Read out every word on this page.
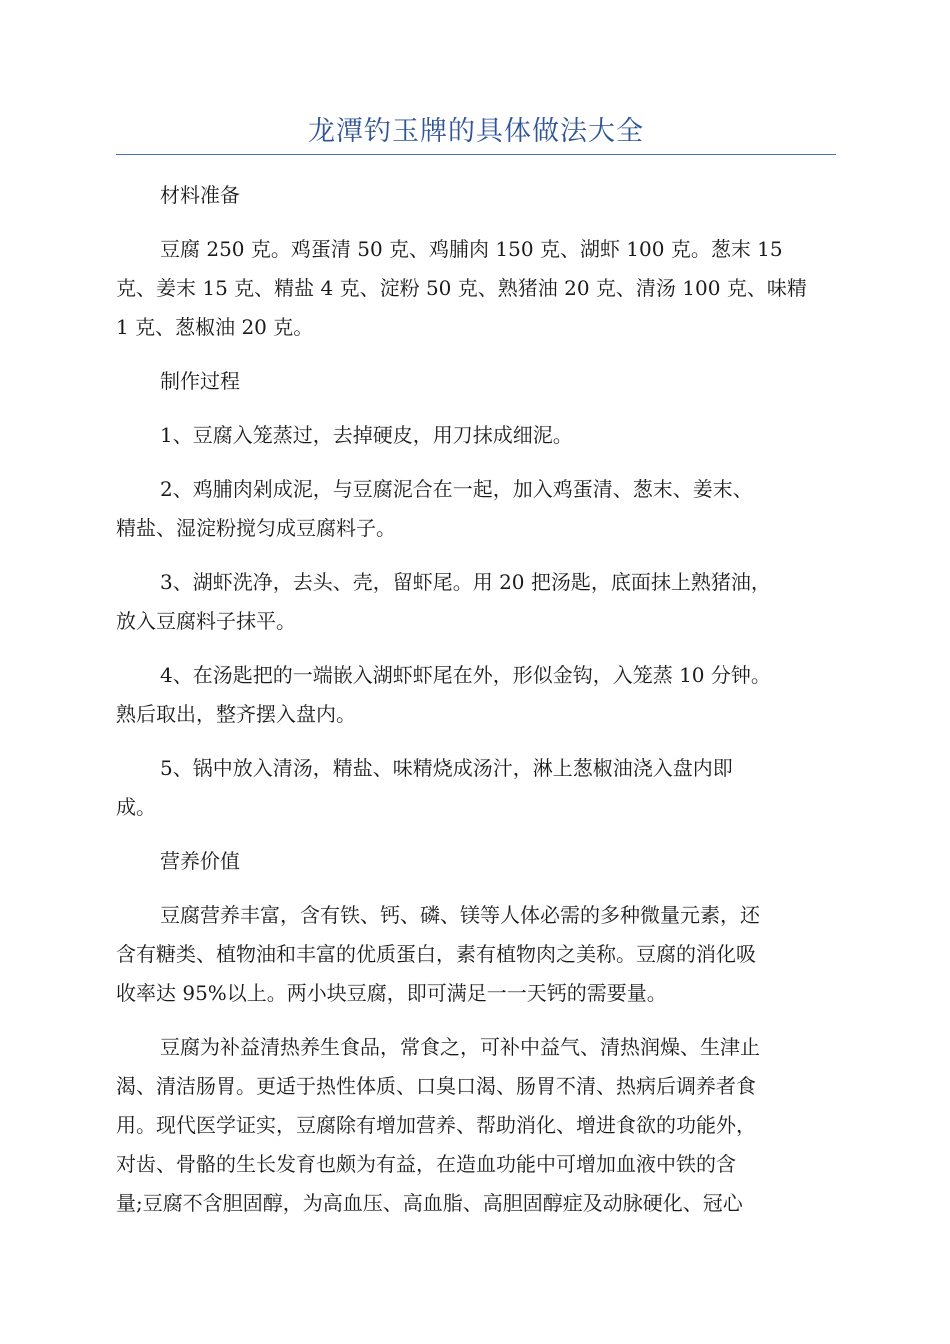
龙潭钓玉牌的具体做法大全
材料准备
豆腐 250 克。鸡蛋清 50 克、鸡脯肉 150 克、湖虾 100 克。葱末 15
克、姜末 15 克、精盐 4 克、淀粉 50 克、熟猪油 20 克、清汤 100 克、味精
1 克、葱椒油 20 克。
制作过程
1、豆腐入笼蒸过，去掉硬皮，用刀抹成细泥。
2、鸡脯肉剁成泥，与豆腐泥合在一起，加入鸡蛋清、葱末、姜末、
精盐、湿淀粉搅匀成豆腐料子。
3、湖虾洗净，去头、壳，留虾尾。用 20 把汤匙，底面抹上熟猪油，
放入豆腐料子抹平。
4、在汤匙把的一端嵌入湖虾虾尾在外，形似金钩，入笼蒸 10 分钟。
熟后取出，整齐摆入盘内。
5、锅中放入清汤，精盐、味精烧成汤汁，淋上葱椒油浇入盘内即
成。
营养价值
豆腐营养丰富，含有铁、钙、磷、镁等人体必需的多种微量元素，还
含有糖类、植物油和丰富的优质蛋白，素有植物肉之美称。豆腐的消化吸
收率达 95%以上。两小块豆腐，即可满足一一天钙的需要量。
豆腐为补益清热养生食品，常食之，可补中益气、清热润燥、生津止
渴、清洁肠胃。更适于热性体质、口臭口渴、肠胃不清、热病后调养者食
用。现代医学证实，豆腐除有增加营养、帮助消化、增进食欲的功能外，
对齿、骨骼的生长发育也颇为有益，在造血功能中可增加血液中铁的含
量;豆腐不含胆固醇，为高血压、高血脂、高胆固醇症及动脉硬化、冠心
